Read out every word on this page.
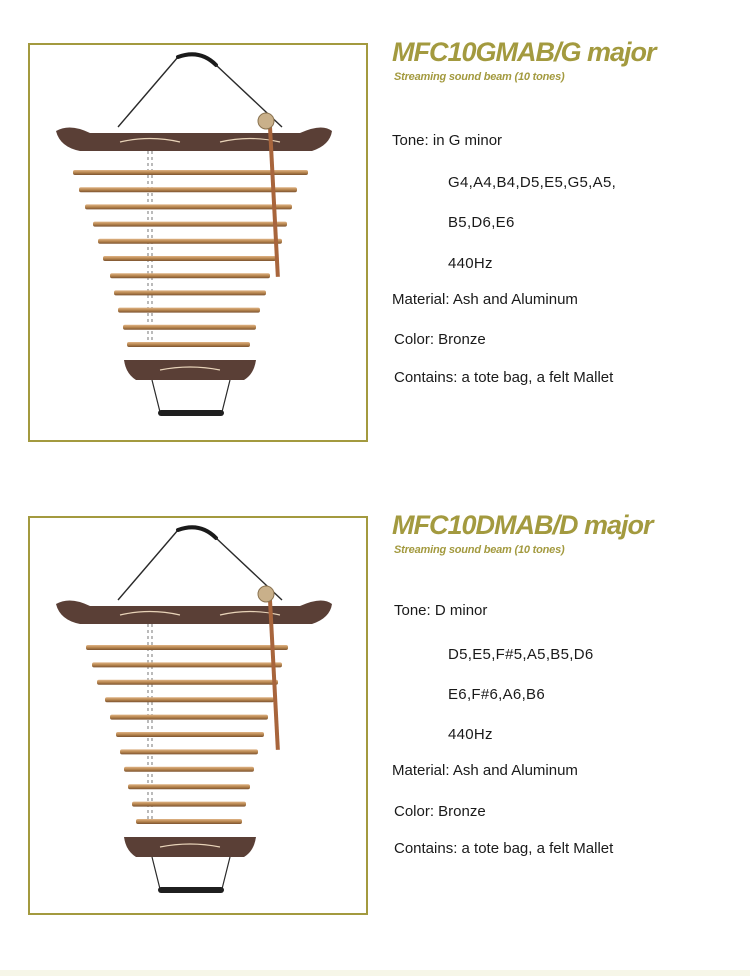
MFC10GMAB/G major

Streaming sound beam (10 tones)

Tone: in G minor
G4,A4,B4,D5,E5,G5,A5,
B5,D6,E6
440Hz
Material: Ash and Aluminum
Color: Bronze
Contains: a tote bag, a felt Mallet
MFC10DMAB/D major

Streaming sound beam (10 tones)

Tone: D minor
D5,E5,F#5,A5,B5,D6
E6,F#6,A6,B6
440Hz
Material: Ash and Aluminum
Color: Bronze
Contains: a tote bag, a felt Mallet
